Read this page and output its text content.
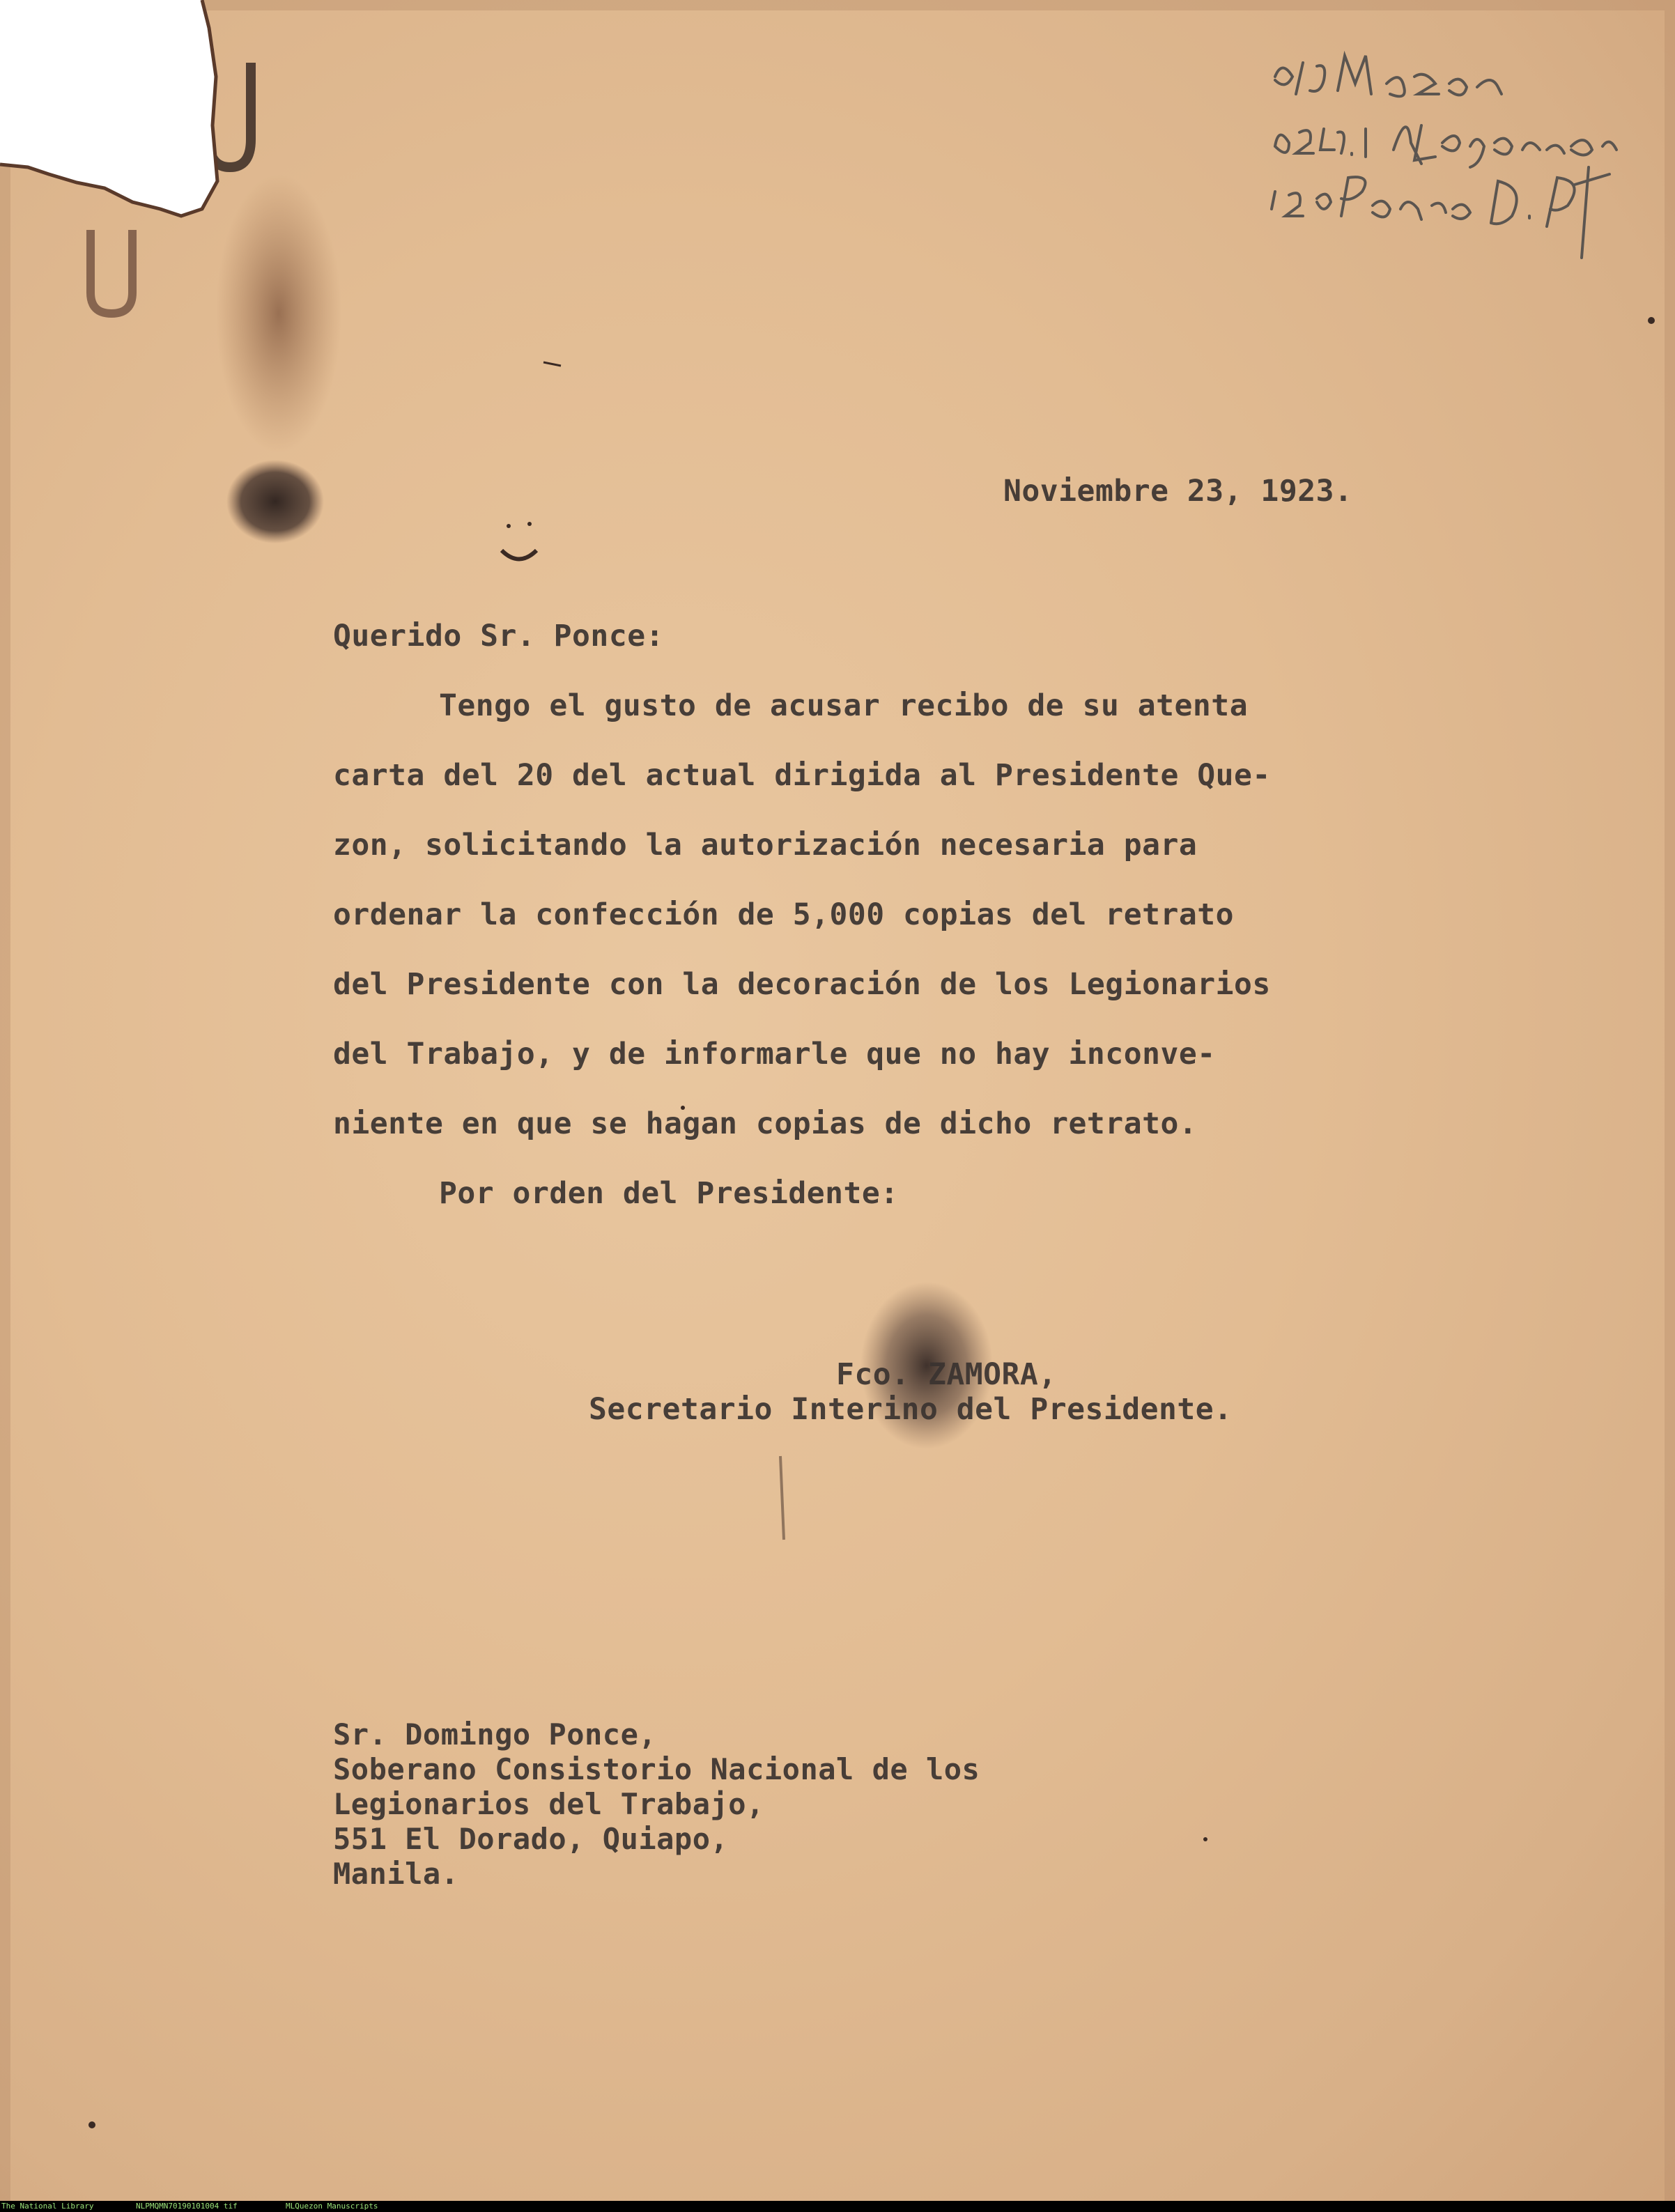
Noviembre 23, 1923.
Querido Sr. Ponce:
Tengo el gusto de acusar recibo de su atenta
carta del 20 del actual dirigida al Presidente Que-
zon, solicitando la autorización necesaria para
ordenar la confección de 5,000 copias del retrato
del Presidente con la decoración de los Legionarios
del Trabajo, y de informarle que no hay inconve-
niente en que se hagan copias de dicho retrato.
Por orden del Presidente:
Fco. ZAMORA,
Secretario Interino del Presidente.
Sr. Domingo Ponce,
Soberano Consistorio Nacional de los
Legionarios del Trabajo,
551 El Dorado, Quiapo,
Manila.

The National Library

	NLPMQMN70190101004 tif

	MLQuezon Manuscripts
